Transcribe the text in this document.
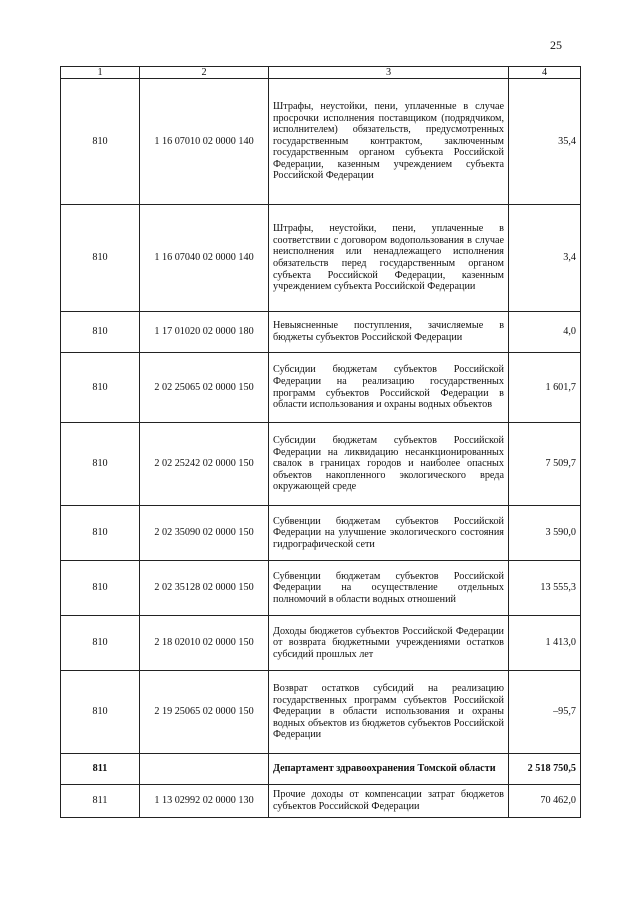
25
1	2	3	4
810	1 16 07010 02 0000 140	Штрафы, неустойки, пени, уплаченные в случае просрочки исполнения поставщиком (подрядчиком, исполнителем) обязательств, предусмотренных государственным контрактом, заключенным государственным органом субъекта Российской Федерации, казенным учреждением субъекта Российской Федерации	35,4
810	1 16 07040 02 0000 140	Штрафы, неустойки, пени, уплаченные в соответствии с договором водопользования в случае неисполнения или ненадлежащего исполнения обязательств перед государственным органом субъекта Российской Федерации, казенным учреждением субъекта Российской Федерации	3,4
810	1 17 01020 02 0000 180	Невыясненные поступления, зачисляемые в бюджеты субъектов Российской Федерации	4,0
810	2 02 25065 02 0000 150	Субсидии бюджетам субъектов Российской Федерации на реализацию государственных программ субъектов Российской Федерации в области использования и охраны водных объектов	1 601,7
810	2 02 25242 02 0000 150	Субсидии бюджетам субъектов Российской Федерации на ликвидацию несанкционированных свалок в границах городов и наиболее опасных объектов накопленного экологического вреда окружающей среде	7 509,7
810	2 02 35090 02 0000 150	Субвенции бюджетам субъектов Российской Федерации на улучшение экологического состояния гидрографической сети	3 590,0
810	2 02 35128 02 0000 150	Субвенции бюджетам субъектов Российской Федерации на осуществление отдельных полномочий в области водных отношений	13 555,3
810	2 18 02010 02 0000 150	Доходы бюджетов субъектов Российской Федерации от возврата бюджетными учреждениями остатков субсидий прошлых лет	1 413,0
810	2 19 25065 02 0000 150	Возврат остатков субсидий на реализацию государственных программ субъектов Российской Федерации в области использования и охраны водных объектов из бюджетов субъектов Российской Федерации	–95,7
811		Департамент здравоохранения Томской области	2 518 750,5
811	1 13 02992 02 0000 130	Прочие доходы от компенсации затрат бюджетов субъектов Российской Федерации	70 462,0
